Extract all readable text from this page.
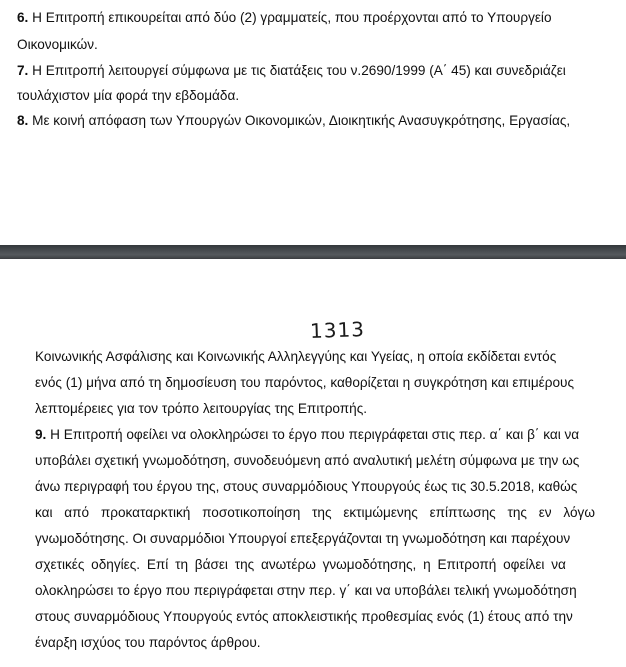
6. Η Επιτροπή επικουρείται από δύο (2) γραμματείς, που προέρχονται από το Υπουργείο
Οικονομικών.
7. Η Επιτροπή λειτουργεί σύμφωνα με τις διατάξεις του ν.2690/1999 (Α΄ 45) και συνεδριάζει
τουλάχιστον μία φορά την εβδομάδα.
8. Με κοινή απόφαση των Υπουργών Οικονομικών, Διοικητικής Ανασυγκρότησης, Εργασίας,
1313
Κοινωνικής Ασφάλισης και Κοινωνικής Αλληλεγγύης και Υγείας, η οποία εκδίδεται εντός
ενός (1) μήνα από τη δημοσίευση του παρόντος, καθορίζεται η συγκρότηση και επιμέρους
λεπτομέρειες για τον τρόπο λειτουργίας της Επιτροπής.
9. Η Επιτροπή οφείλει να ολοκληρώσει το έργο που περιγράφεται στις περ. α΄ και β΄ και να
υποβάλει σχετική γνωμοδότηση, συνοδευόμενη από αναλυτική μελέτη σύμφωνα με την ως
άνω περιγραφή του έργου της, στους συναρμόδιους Υπουργούς έως τις 30.5.2018, καθώς
και από προκαταρκτική ποσοτικοποίηση της εκτιμώμενης επίπτωσης της εν λόγω
γνωμοδότησης. Οι συναρμόδιοι Υπουργοί επεξεργάζονται τη γνωμοδότηση και παρέχουν
σχετικές οδηγίες. Επί τη βάσει της ανωτέρω γνωμοδότησης, η Επιτροπή οφείλει να
ολοκληρώσει το έργο που περιγράφεται στην περ. γ΄ και να υποβάλει τελική γνωμοδότηση
στους συναρμόδιους Υπουργούς εντός αποκλειστικής προθεσμίας ενός (1) έτους από την
έναρξη ισχύος του παρόντος άρθρου.
